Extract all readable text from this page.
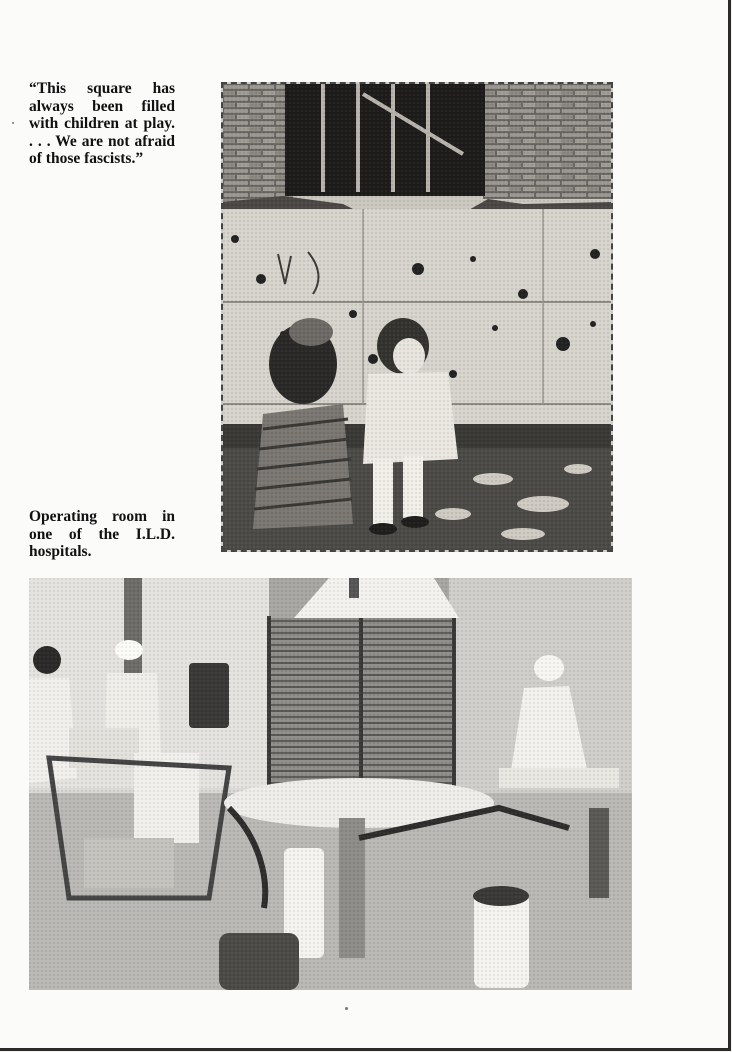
“This square has always been filled with children at play. . . . We are not afraid of those fascists.”

Operating room in one of the I.L.D. hospitals.
